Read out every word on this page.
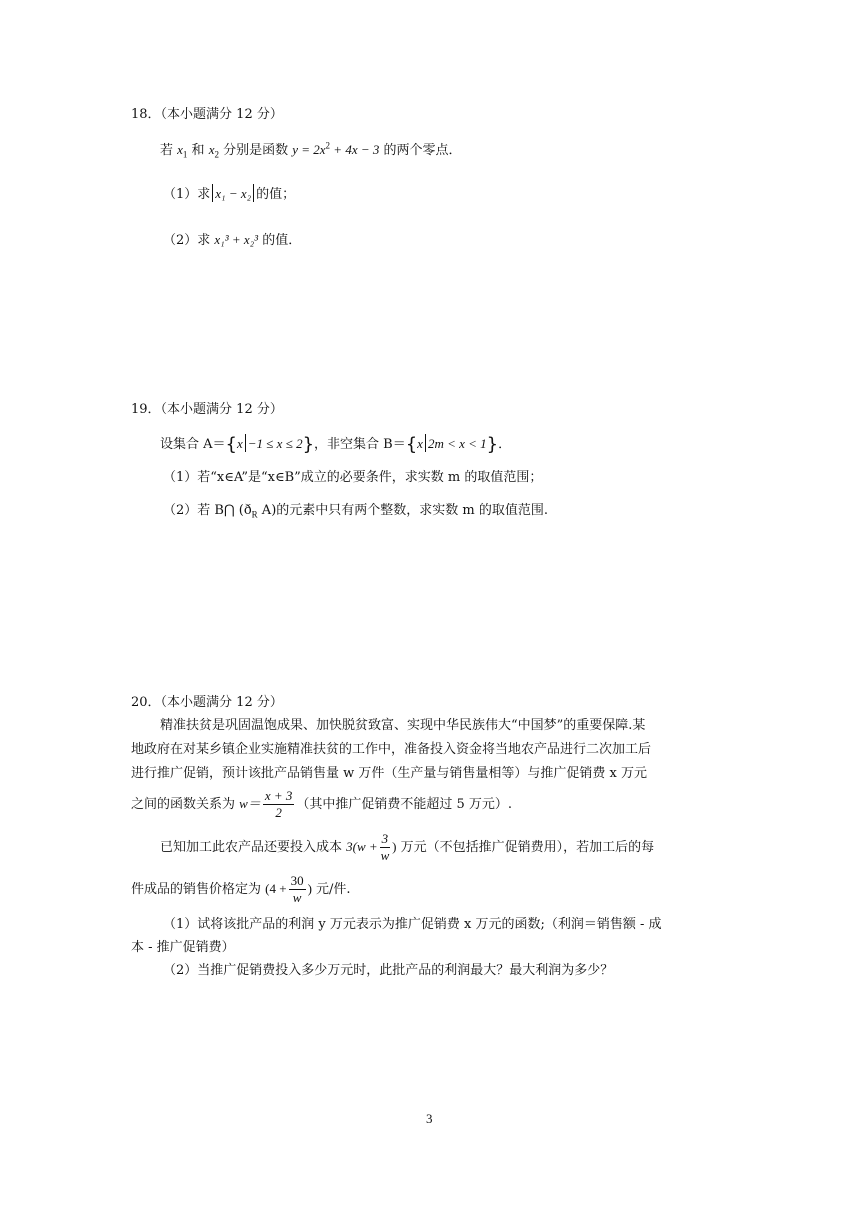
18．（本小题满分 12 分）
若 $x_1$ 和 $x_2$ 分别是函数 $y = 2x^2 + 4x - 3$ 的两个零点．
（1）求 x₁ − x₂ 的值；
（2）求 x₁³ + x₂³ 的值．
19．（本小题满分 12 分）
设集合 A＝{x −1 ≤ x ≤ 2}，非空集合 B＝{x 2m < x < 1}．
（1）若“x∈A”是“x∈B”成立的必要条件，求实数 m 的取值范围；
（2）若 B⋂ ($ð_R$ A)的元素中只有两个整数，求实数 m 的取值范围.
20．（本小题满分 12 分）
精准扶贫是巩固温饱成果、加快脱贫致富、实现中华民族伟大“中国梦”的重要保障.某
地政府在对某乡镇企业实施精准扶贫的工作中，准备投入资金将当地农产品进行二次加工后
进行推广促销，预计该批产品销售量 w 万件（生产量与销售量相等）与推广促销费 x 万元
之间的函数关系为 $w= \frac{x + 3}{2}$ （其中推广促销费不能超过 5 万元）.
已知加工此农产品还要投入成本 $3(w + \frac{3}{w}$ ) 万元（不包括推广促销费用），若加工后的每
件成品的销售价格定为 ($4 + \frac{30}{w}$ ) 元/件.
（1）试将该批产品的利润 y 万元表示为推广促销费 x 万元的函数;（利润＝销售额 - 成
本 - 推广促销费）
（2）当推广促销费投入多少万元时，此批产品的利润最大？最大利润为多少？
3
